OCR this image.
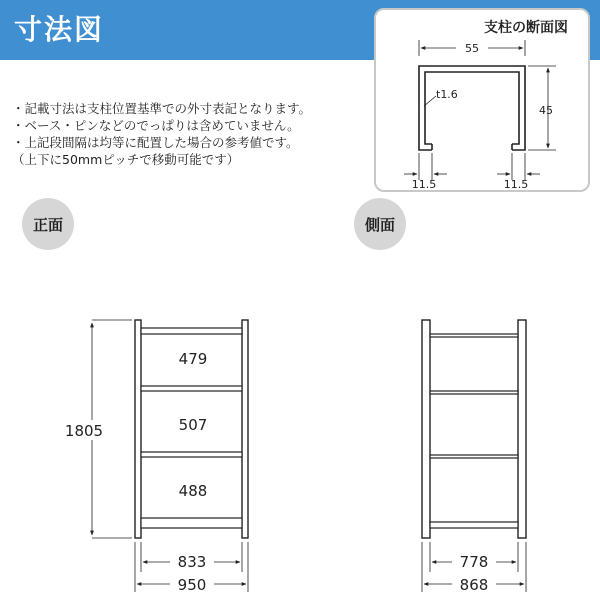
寸法図
・記載寸法は支柱位置基準での外寸表記となります。
・ベース・ピンなどのでっぱりは含めていません。
・上記段間隔は均等に配置した場合の参考値です。
（上下に50mmピッチで移動可能です）
支柱の断面図
55
45
t1.6
11.5	11.5
正面	側面
479
507
488
1805
833
950
778
868
